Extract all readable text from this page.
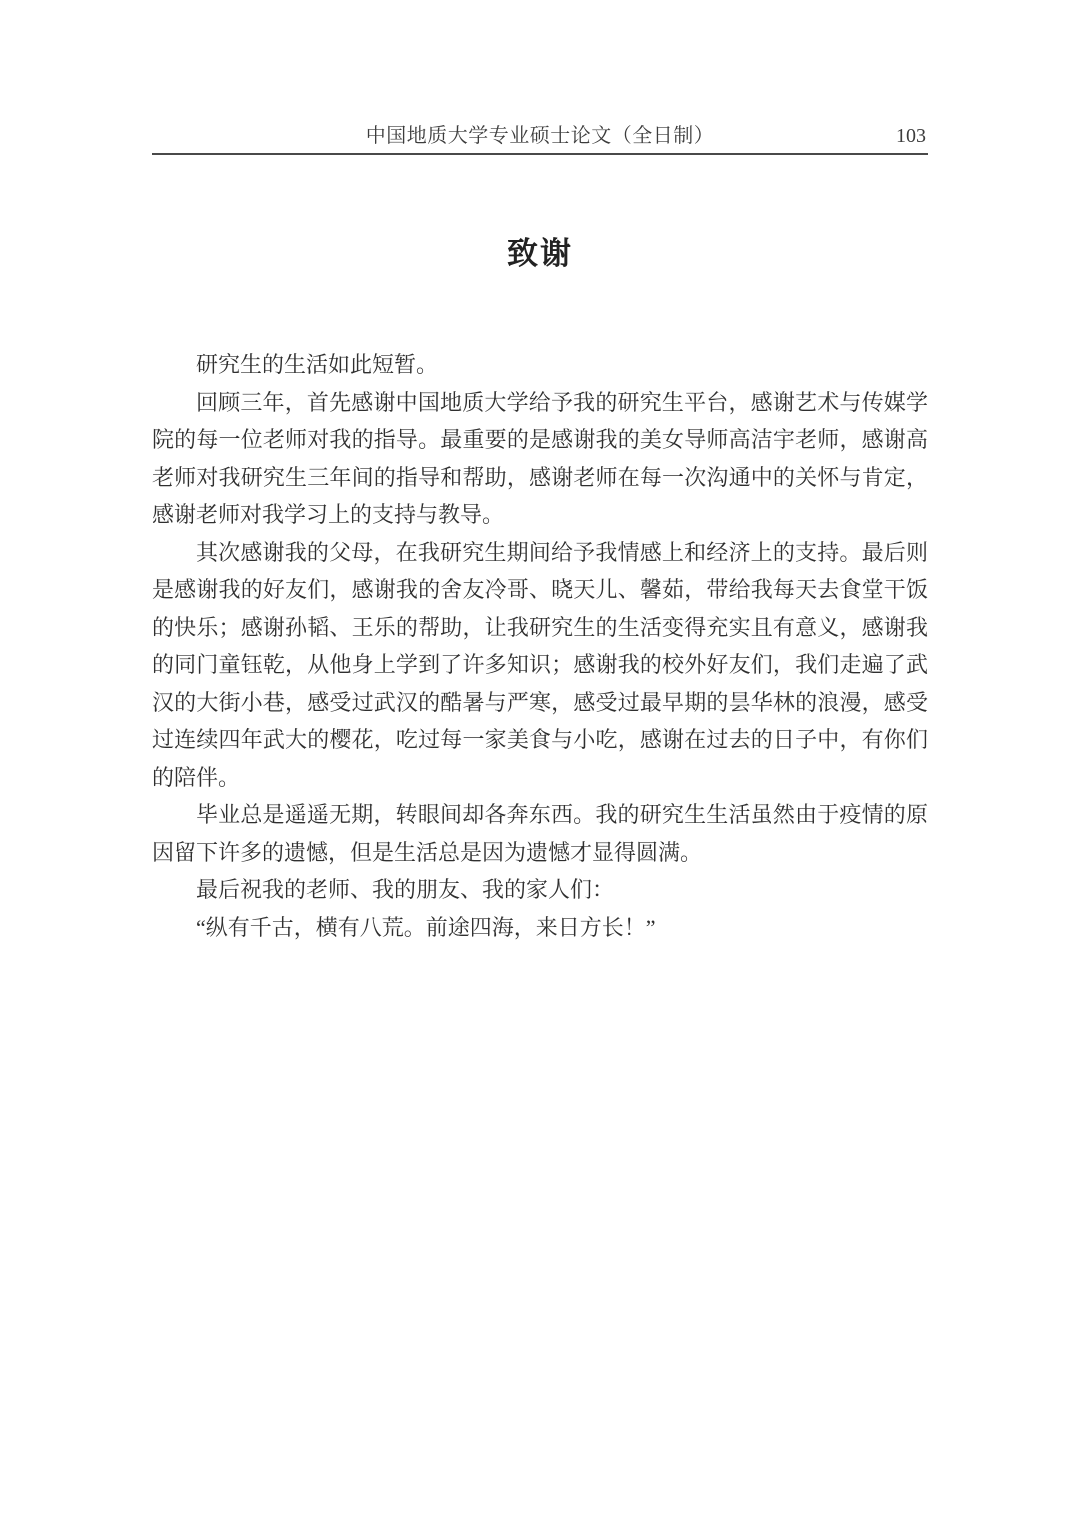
中国地质大学专业硕士论文（全日制）	103
致谢

研究生的生活如此短暂。

回顾三年，首先感谢中国地质大学给予我的研究生平台，感谢艺术与传媒学院的每一位老师对我的指导。最重要的是感谢我的美女导师高洁宇老师，感谢高老师对我研究生三年间的指导和帮助，感谢老师在每一次沟通中的关怀与肯定，感谢老师对我学习上的支持与教导。

其次感谢我的父母，在我研究生期间给予我情感上和经济上的支持。最后则是感谢我的好友们，感谢我的舍友冷哥、晓天儿、馨茹，带给我每天去食堂干饭的快乐；感谢孙韬、王乐的帮助，让我研究生的生活变得充实且有意义，感谢我的同门童钰乾，从他身上学到了许多知识；感谢我的校外好友们，我们走遍了武汉的大街小巷，感受过武汉的酷暑与严寒，感受过最早期的昙华林的浪漫，感受过连续四年武大的樱花，吃过每一家美食与小吃，感谢在过去的日子中，有你们的陪伴。

毕业总是遥遥无期，转眼间却各奔东西。我的研究生生活虽然由于疫情的原因留下许多的遗憾，但是生活总是因为遗憾才显得圆满。

最后祝我的老师、我的朋友、我的家人们：

“纵有千古，横有八荒。前途四海，来日方长！”
